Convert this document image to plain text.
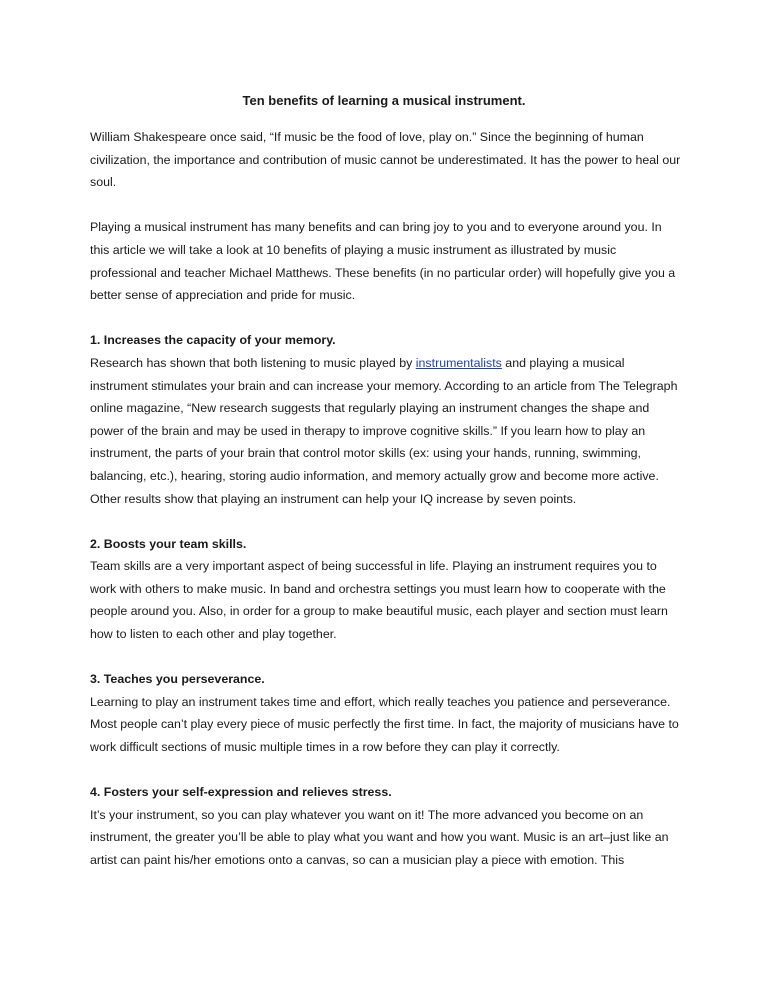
Ten benefits of learning a musical instrument.

William Shakespeare once said, “If music be the food of love, play on.” Since the beginning of human civilization, the importance and contribution of music cannot be underestimated. It has the power to heal our soul.

Playing a musical instrument has many benefits and can bring joy to you and to everyone around you. In this article we will take a look at 10 benefits of playing a music instrument as illustrated by music professional and teacher Michael Matthews. These benefits (in no particular order) will hopefully give you a better sense of appreciation and pride for music.

1. Increases the capacity of your memory.

Research has shown that both listening to music played by instrumentalists and playing a musical instrument stimulates your brain and can increase your memory. According to an article from The Telegraph online magazine, “New research suggests that regularly playing an instrument changes the shape and power of the brain and may be used in therapy to improve cognitive skills.” If you learn how to play an instrument, the parts of your brain that control motor skills (ex: using your hands, running, swimming, balancing, etc.), hearing, storing audio information, and memory actually grow and become more active. Other results show that playing an instrument can help your IQ increase by seven points.

2. Boosts your team skills.

Team skills are a very important aspect of being successful in life. Playing an instrument requires you to work with others to make music. In band and orchestra settings you must learn how to cooperate with the people around you. Also, in order for a group to make beautiful music, each player and section must learn how to listen to each other and play together.

3. Teaches you perseverance.

Learning to play an instrument takes time and effort, which really teaches you patience and perseverance. Most people can’t play every piece of music perfectly the first time. In fact, the majority of musicians have to work difficult sections of music multiple times in a row before they can play it correctly.

4. Fosters your self-expression and relieves stress.

It’s your instrument, so you can play whatever you want on it! The more advanced you become on an instrument, the greater you’ll be able to play what you want and how you want. Music is an art–just like an artist can paint his/her emotions onto a canvas, so can a musician play a piece with emotion. This
